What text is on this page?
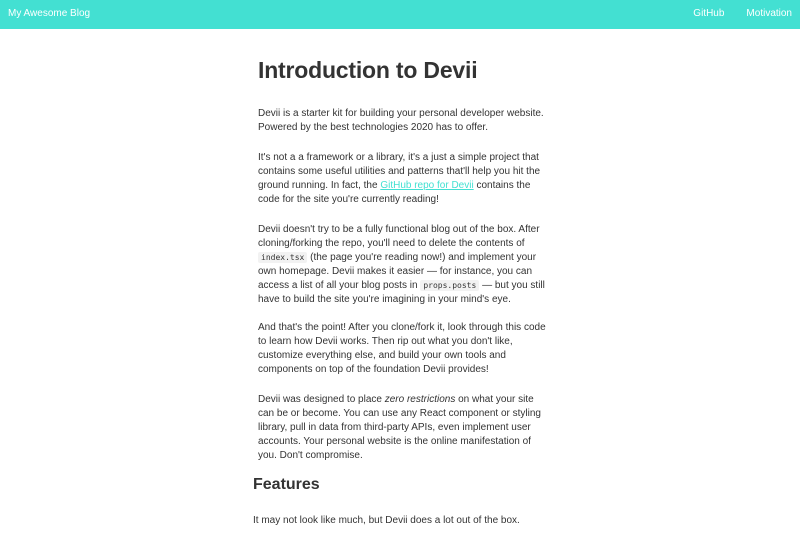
My Awesome Blog	GitHub Motivation
Introduction to Devii

Devii is a starter kit for building your personal developer website. Powered by the best technologies 2020 has to offer.

It's not a a framework or a library, it's a just a simple project that contains some useful utilities and patterns that'll help you hit the ground running. In fact, the GitHub repo for Devii contains the code for the site you're currently reading!

Devii doesn't try to be a fully functional blog out of the box. After cloning/forking the repo, you'll need to delete the contents of index.tsx (the page you're reading now!) and implement your own homepage. Devii makes it easier — for instance, you can access a list of all your blog posts in props.posts — but you still have to build the site you're imagining in your mind's eye.

And that's the point! After you clone/fork it, look through this code to learn how Devii works. Then rip out what you don't like, customize everything else, and build your own tools and components on top of the foundation Devii provides!

Devii was designed to place zero restrictions on what your site can be or become. You can use any React component or styling library, pull in data from third-party APIs, even implement user accounts. Your personal website is the online manifestation of you. Don't compromise.

Features

It may not look like much, but Devii does a lot out of the box.
